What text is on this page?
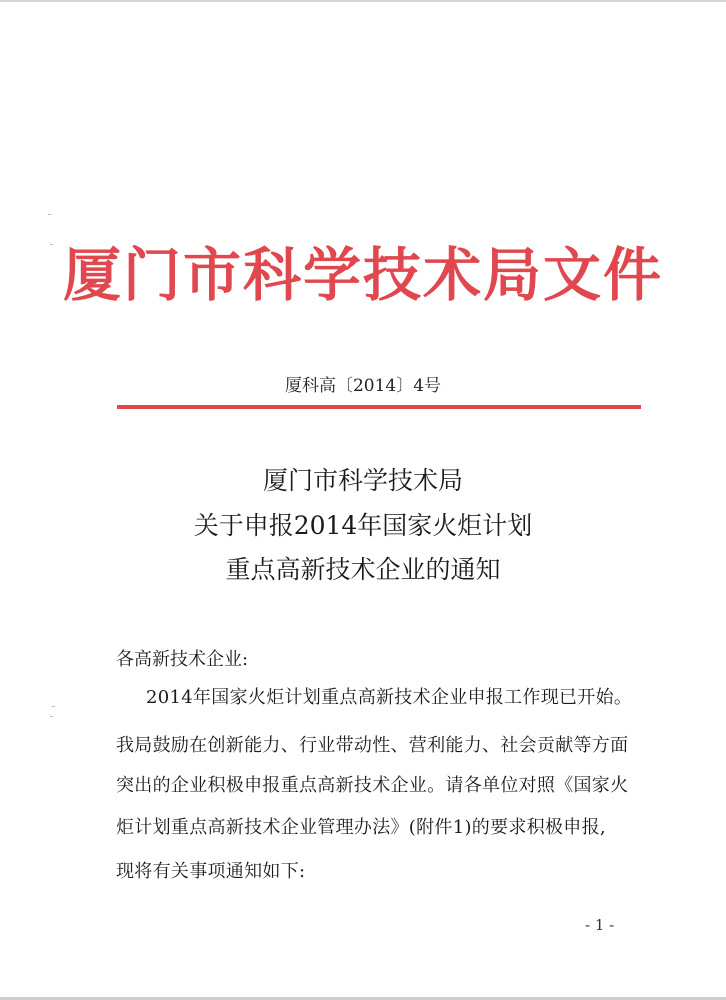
厦门市科学技术局文件
厦科高〔2014〕4号
厦门市科学技术局
关于申报2014年国家火炬计划
重点高新技术企业的通知
各高新技术企业:
2014年国家火炬计划重点高新技术企业申报工作现已开始。
我局鼓励在创新能力、行业带动性、营利能力、社会贡献等方面
突出的企业积极申报重点高新技术企业。请各单位对照《国家火
炬计划重点高新技术企业管理办法》(附件1)的要求积极申报,
现将有关事项通知如下:
- 1 -
